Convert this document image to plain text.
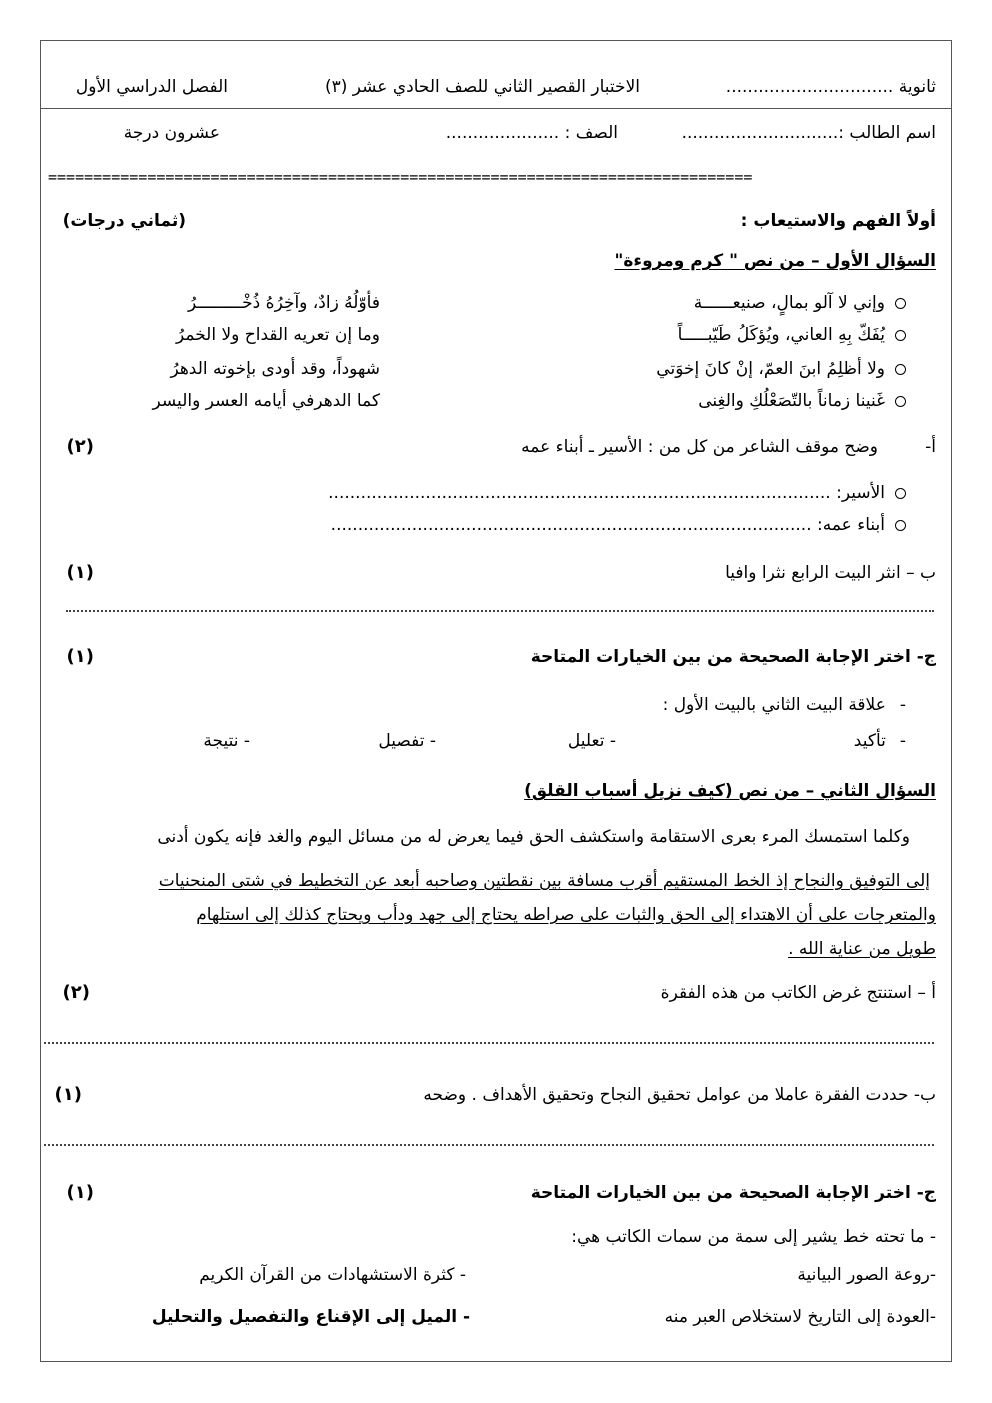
ثانوية ...............................
الاختبار القصير الثاني للصف الحادي عشر (٣)
الفصل الدراسي الأول
اسم الطالب :.............................
الصف : .....................
عشرون درجة
==============================================================================
أولاً الفهم والاستيعاب :
(ثماني درجات)
السؤال الأول – من نص " كرم ومروءة"
وإني لا آلو بمالٍ، صنيعــــــة
فأوّلُهُ زادٌ، وآخِرُهُ ذُخْـــــــــرُ
يُفَكّ بِهِ العاني، ويُؤكَلُ طَيّبـــــاً
وما إن تعريه القداح ولا الخمرُ
ولا أظلِمُ ابنَ العمّ، إنْ كانَ إخوَتي
شهوداً، وقد أودى بإخوته الدهرُ
غَنينا زماناً بالتّصَعْلُكِ والغِنى
كما الدهرفي أيامه العسر واليسر
أ-
وضح موقف الشاعر من كل من : الأسير ـ أبناء عمه
(٢)
الأسير: .............................................................................................
أبناء عمه: .........................................................................................
ب – انثر البيت الرابع نثرا وافيا
(١)
ج- اختر الإجابة الصحيحة من بين الخيارات المتاحة
(١)
-علاقة البيت الثاني بالبيت الأول :
-تأكيد
- تعليل
- تفصيل
- نتيجة
السؤال الثاني – من نص (كيف نزيل أسباب القلق)
وكلما استمسك المرء بعرى الاستقامة واستكشف الحق فيما يعرض له من مسائل اليوم والغد فإنه يكون أدنى
إلى التوفيق والنجاح إذ الخط المستقيم أقرب مسافة بين نقطتين وصاحبه أبعد عن التخطيط في شتى المنحنيات
والمتعرجات على أن الاهتداء إلى الحق والثبات على صراطه يحتاج إلى جهد ودأب ويحتاج كذلك إلى استلهام
طويل من عناية الله .
أ – استنتج غرض الكاتب من هذه الفقرة
(٢)
ب- حددت الفقرة عاملا من عوامل تحقيق النجاح وتحقيق الأهداف . وضحه
(١)
ج- اختر الإجابة الصحيحة من بين الخيارات المتاحة
(١)
- ما تحته خط يشير إلى سمة من سمات الكاتب هي:
-روعة الصور البيانية
- كثرة الاستشهادات من القرآن الكريم
-العودة إلى التاريخ لاستخلاص العبر منه
- الميل إلى الإقناع والتفصيل والتحليل
